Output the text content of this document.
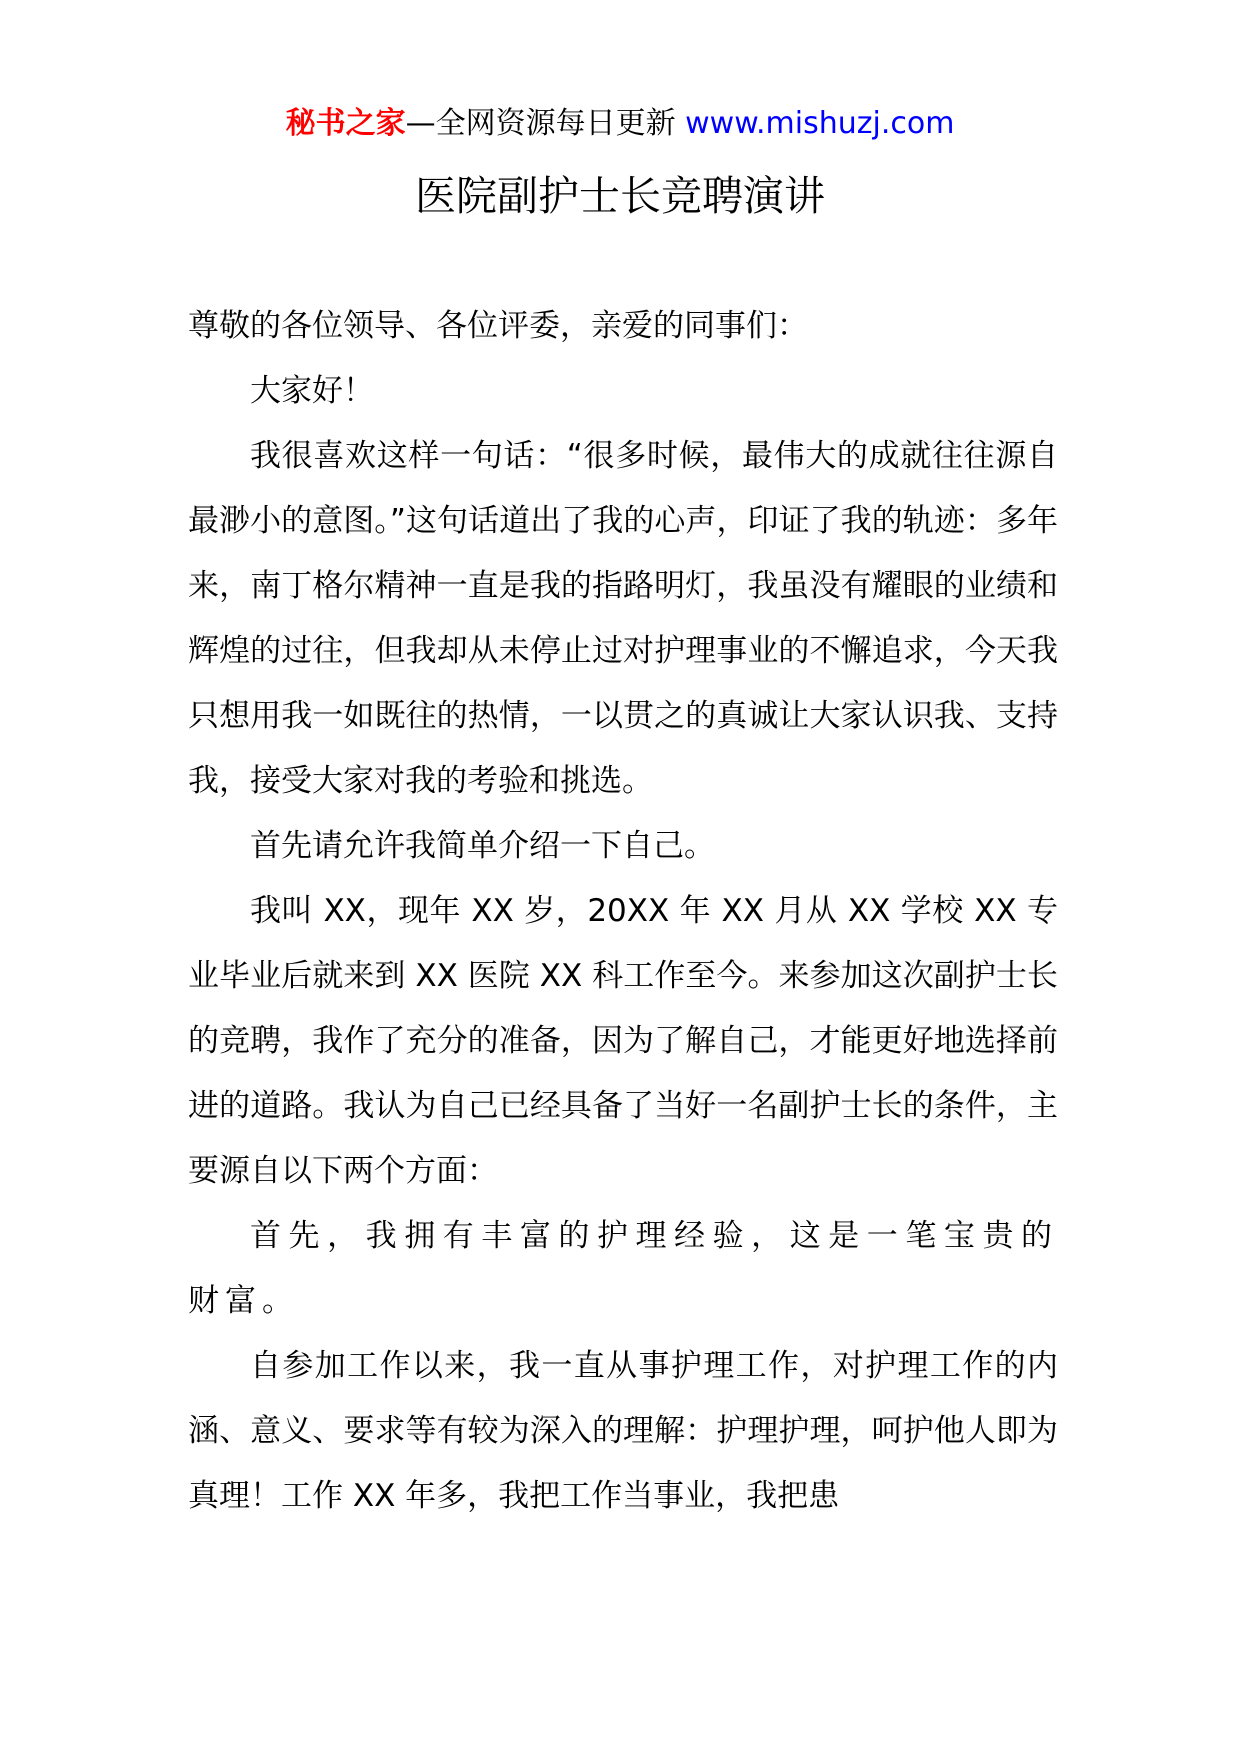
秘书之家—全网资源每日更新 www.mishuzj.com
医院副护士长竞聘演讲

尊敬的各位领导、各位评委，亲爱的同事们：

大家好！

我很喜欢这样一句话：“很多时候，最伟大的成就往往源自最渺小的意图。”这句话道出了我的心声，印证了我的轨迹：多年来，南丁格尔精神一直是我的指路明灯，我虽没有耀眼的业绩和辉煌的过往，但我却从未停止过对护理事业的不懈追求，今天我只想用我一如既往的热情，一以贯之的真诚让大家认识我、支持我，接受大家对我的考验和挑选。

首先请允许我简单介绍一下自己。

我叫 XX，现年 XX 岁，20XX 年 XX 月从 XX 学校 XX 专业毕业后就来到 XX 医院 XX 科工作至今。来参加这次副护士长的竞聘，我作了充分的准备，因为了解自己，才能更好地选择前进的道路。我认为自己已经具备了当好一名副护士长的条件，主要源自以下两个方面：

首先，我拥有丰富的护理经验，这是一笔宝贵的财富。

自参加工作以来，我一直从事护理工作，对护理工作的内涵、意义、要求等有较为深入的理解：护理护理，呵护他人即为真理！工作 XX 年多，我把工作当事业，我把患
